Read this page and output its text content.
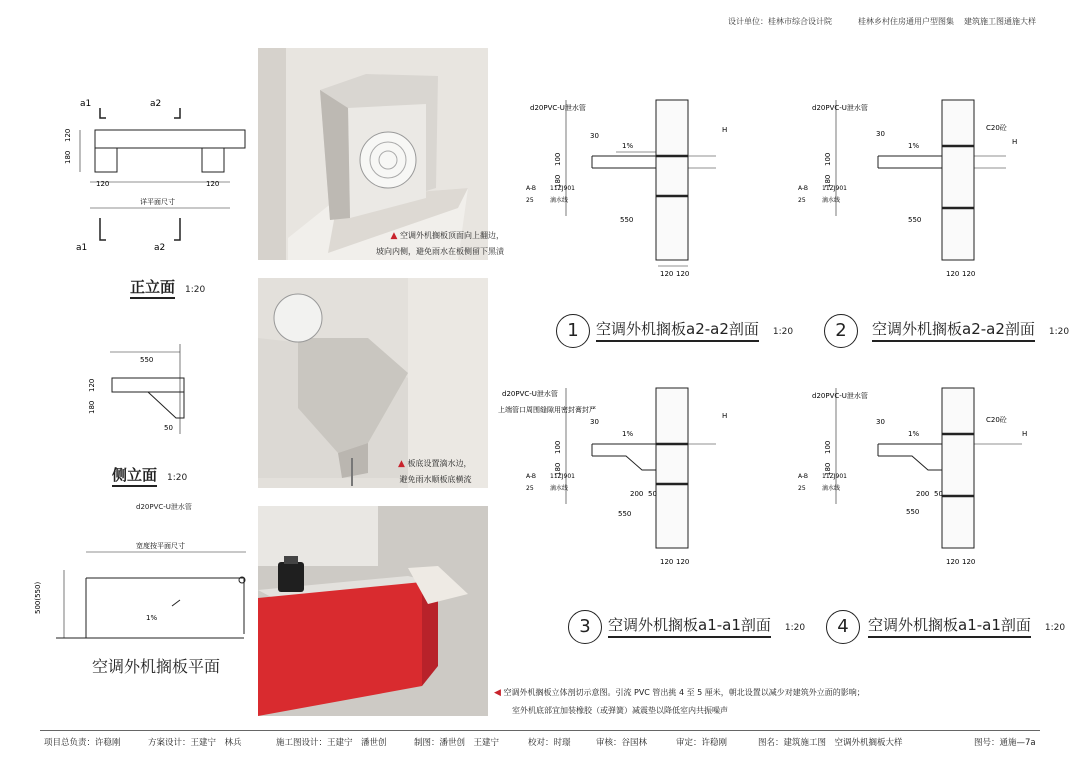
设计单位：桂林市综合设计院	桂林乡村住房通用户型图集 建筑施工图通施大样
a1	a2
a1	a2
120	120
120
180
详平面尺寸
正立面 1:20
550
120
180
50
侧立面 1:20
d20PVC-U泄水管
宽度按平面尺寸
1%
500(550)
空调外机搁板平面
▲ 空调外机搁板顶面向上翻边，
坡向内侧，避免雨水在板侧留下黑渍
▲ 板底设置滴水边，
避免雨水顺板底横流
d20PVC-U泄水管
1%
30
H
100
180
A-B 11ZJ901
25	滴水线
550
120 120
d20PVC-U泄水管
C20砼
H
1%
30
100
180
A-B 11ZJ901
25	滴水线
550
120 120
d20PVC-U泄水管
上端管口周围缝隙用密封膏封严
H
1%
30
100
180
A-B 11ZJ901
25	滴水线
200 50
550
120 120
d20PVC-U泄水管
C20砼
H
1%
30
100
180
A-B 11ZJ901
25	滴水线
200 50
550
120 120
1	空调外机搁板a2-a2剖面 1:20	2	空调外机搁板a2-a2剖面 1:20
3	空调外机搁板a1-a1剖面 1:20	4	空调外机搁板a1-a1剖面 1:20
◀ 空调外机搁板立体剖切示意图。引流 PVC 管出挑 4 至 5 厘米，朝北设置以减少对建筑外立面的影响；
室外机底部宜加装橡胶（或弹簧）减震垫以降低室内共振噪声
项目总负责：许稳刚	方案设计：王建宁　林兵	施工图设计：王建宁　潘世创	制图：潘世创　王建宁	校对：时璟	审核：谷国林	审定：许稳刚	图名：建筑施工图　空调外机搁板大样	图号：通施—7a
